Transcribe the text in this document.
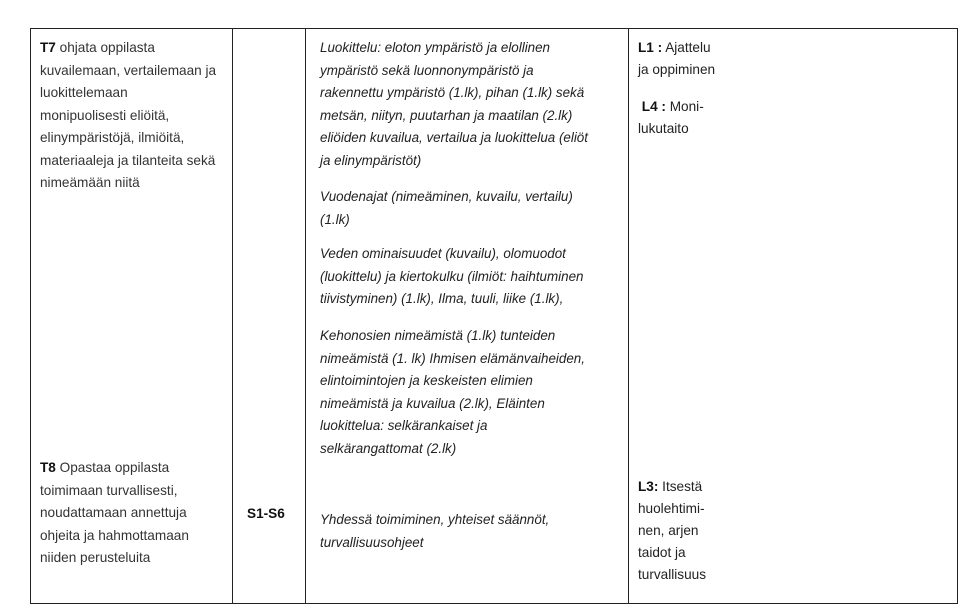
T7 ohjata oppilasta
kuvailemaan, vertailemaan ja
luokittelemaan
monipuolisesti eliöitä,
elinympäristöjä, ilmiöitä,
materiaaleja ja tilanteita sekä
nimeämään niitä
Luokittelu: eloton ympäristö ja elollinen
ympäristö sekä luonnonympäristö ja
rakennettu ympäristö (1.lk), pihan (1.lk) sekä
metsän, niityn, puutarhan ja maatilan (2.lk)
eliöiden kuvailua, vertailua ja luokittelua (eliöt
ja elinympäristöt)
Vuodenajat (nimeäminen, kuvailu, vertailu)
(1.lk)
Veden ominaisuudet (kuvailu), olomuodot
(luokittelu) ja kiertokulku (ilmiöt: haihtuminen
tiivistyminen) (1.lk), Ilma, tuuli, liike (1.lk),
Kehonosien nimeämistä (1.lk) tunteiden
nimeämistä (1. lk) Ihmisen elämänvaiheiden,
elintoimintojen ja keskeisten elimien
nimeämistä ja kuvailua (2.lk), Eläinten
luokittelua: selkärankaiset ja
selkärangattomat (2.lk)
L1 : Ajattelu
ja oppiminen
L4 : Moni-
lukutaito
T8 Opastaa oppilasta
toimimaan turvallisesti,
noudattamaan annettuja
ohjeita ja hahmottamaan
niiden perusteluita
S1-S6	Yhdessä toimiminen, yhteiset säännöt,
turvallisuusohjeet
L3: Itsestä
huolehtimi-
nen, arjen
taidot ja
turvallisuus
